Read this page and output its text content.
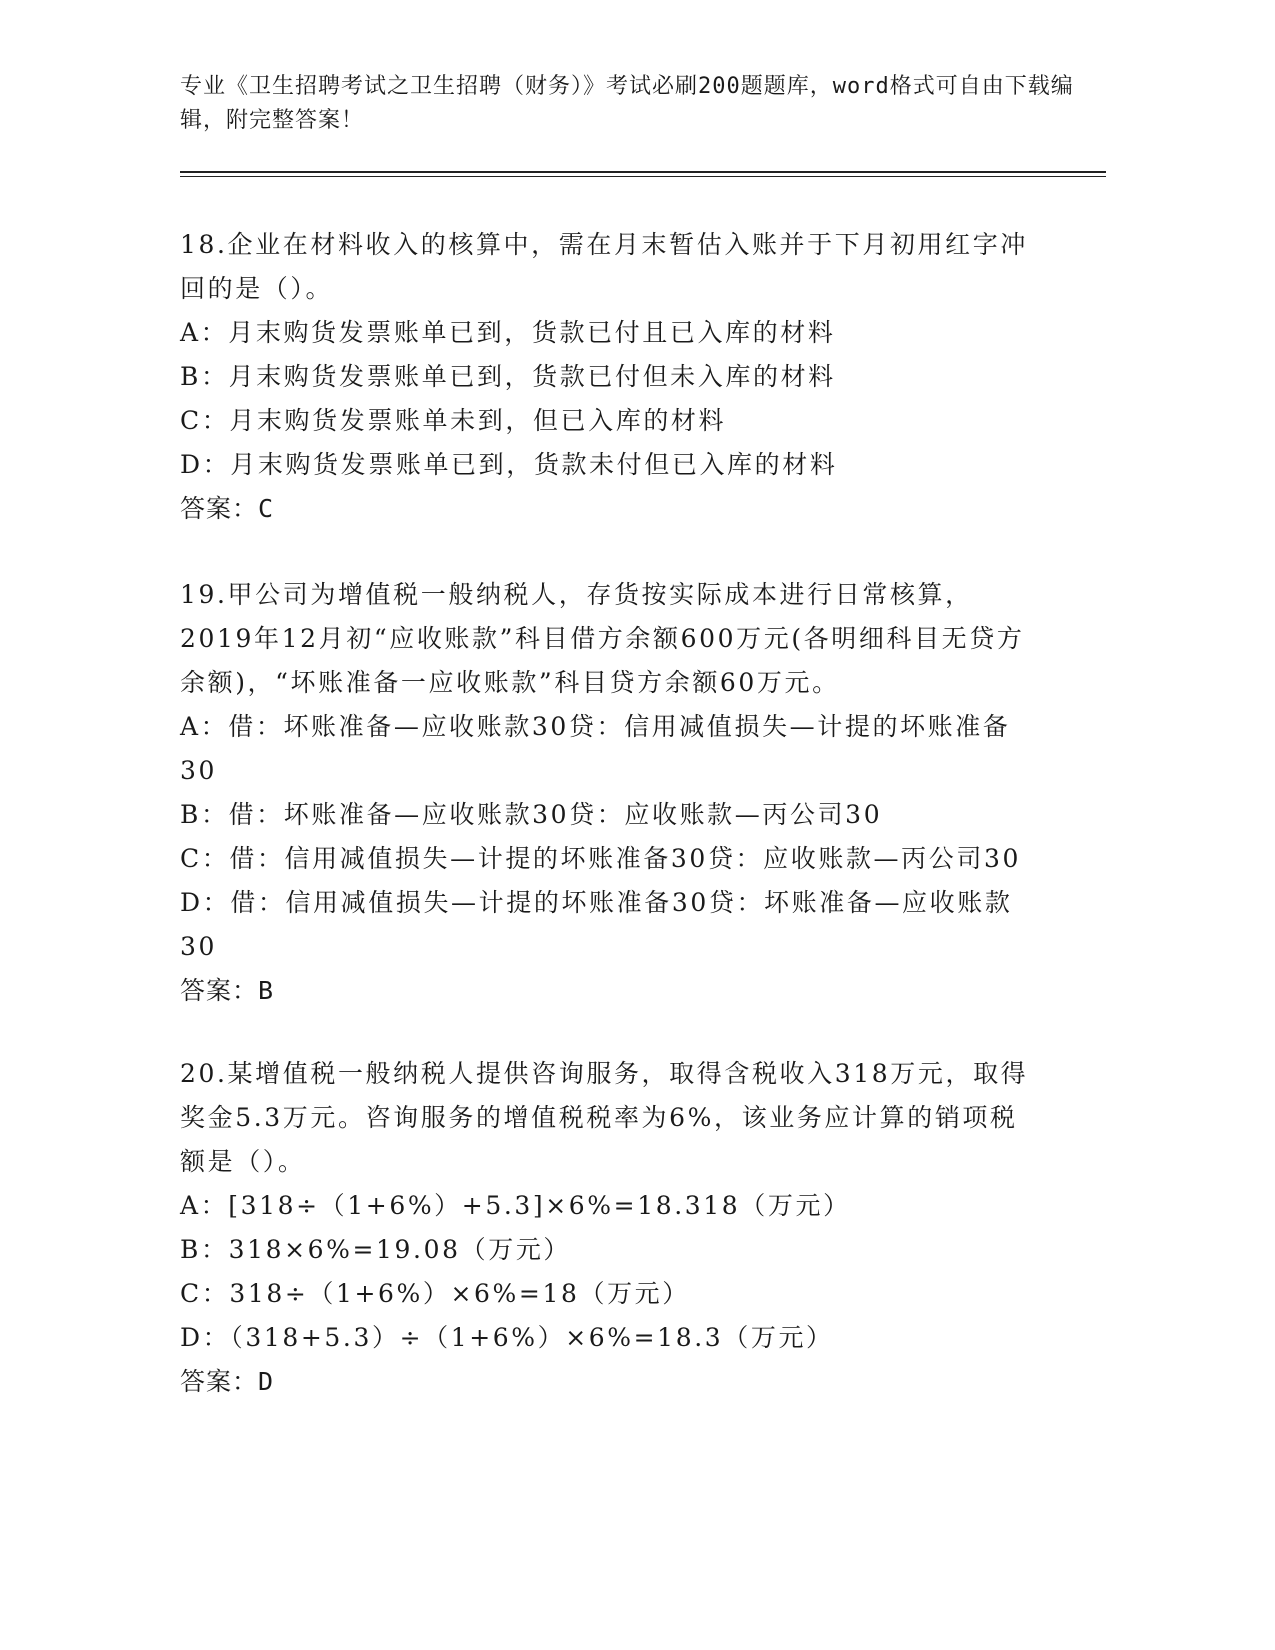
专业《卫生招聘考试之卫生招聘（财务）》考试必刷200题题库，word格式可自由下载编辑，附完整答案！

18.企业在材料收入的核算中，需在月末暂估入账并于下月初用红字冲回的是（）。

A：月末购货发票账单已到，货款已付且已入库的材料

B：月末购货发票账单已到，货款已付但未入库的材料

C：月末购货发票账单未到，但已入库的材料

D：月末购货发票账单已到，货款未付但已入库的材料

答案：C

19.甲公司为增值税一般纳税人，存货按实际成本进行日常核算，2019年12月初“应收账款”科目借方余额600万元(各明细科目无贷方余额)，“坏账准备一应收账款”科目贷方余额60万元。

A：借：坏账准备—应收账款30贷：信用减值损失—计提的坏账准备30

B：借：坏账准备—应收账款30贷：应收账款—丙公司30

C：借：信用减值损失—计提的坏账准备30贷：应收账款—丙公司30

D：借：信用减值损失—计提的坏账准备30贷：坏账准备—应收账款30

答案：B

20.某增值税一般纳税人提供咨询服务，取得含税收入318万元，取得奖金5.3万元。咨询服务的增值税税率为6%，该业务应计算的销项税额是（）。

A：[318÷（1+6%）+5.3]×6%=18.318（万元）

B：318×6%=19.08（万元）

C：318÷（1+6%）×6%=18（万元）

D：（318+5.3）÷（1+6%）×6%=18.3（万元）

答案：D
